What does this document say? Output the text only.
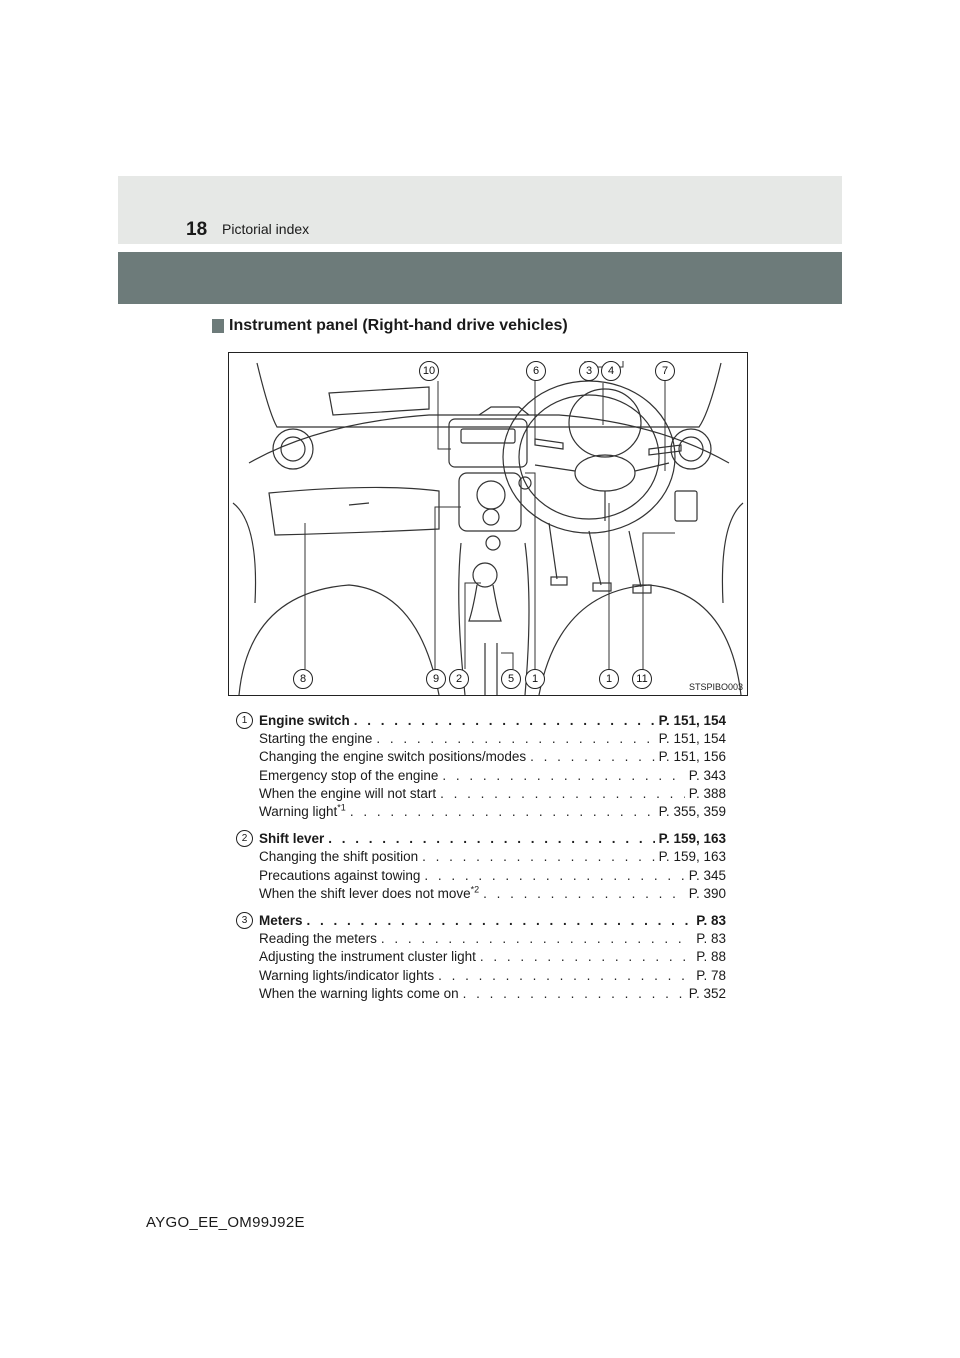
18 Pictorial index
Instrument panel (Right-hand drive vehicles)
10	6	3	4	7
8	9	2	5	1	1	11
STSPIBO003
1 Engine switch . . .	P. 151, 154
Starting the engine . . .	P. 151, 154
Changing the engine switch positions/modes . . .	P. 151, 156
Emergency stop of the engine . . .	P. 343
When the engine will not start . . .	P. 388
Warning light$^{*1}$ . . .	P. 355, 359
2 Shift lever . . .	P. 159, 163
Changing the shift position . . .	P. 159, 163
Precautions against towing . . .	P. 345
When the shift lever does not move$^{*2}$ . . .	P. 390
3 Meters . . .	P. 83
Reading the meters . . .	P. 83
Adjusting the instrument cluster light . . .	P. 88
Warning lights/indicator lights . . .	P. 78
When the warning lights come on . . .	P. 352
AYGO_EE_OM99J92E
